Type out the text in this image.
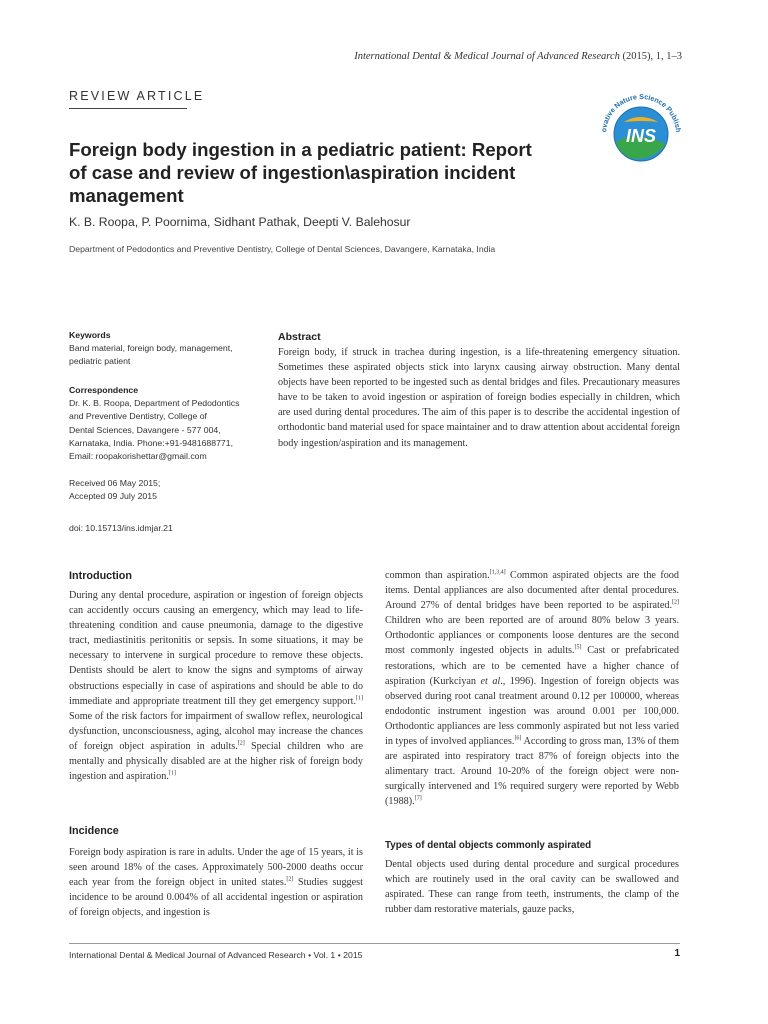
International Dental & Medical Journal of Advanced Research (2015), 1, 1–3
REVIEW ARTICLE
INS
ovative Nature Science Publish
Foreign body ingestion in a pediatric patient: Report of case and review of ingestion\aspiration incident management
K. B. Roopa, P. Poornima, Sidhant Pathak, Deepti V. Balehosur
Department of Pedodontics and Preventive Dentistry, College of Dental Sciences, Davangere, Karnataka, India
Keywords
Band material, foreign body, management,
pediatric patient
Correspondence
Dr. K. B. Roopa, Department of Pedodontics
and Preventive Dentistry, College of
Dental Sciences, Davangere - 577 004,
Karnataka, India. Phone:+91-9481688771,
Email: roopakorishettar@gmail.com
Received 06 May 2015;
Accepted 09 July 2015
doi: 10.15713/ins.idmjar.21
Abstract

Foreign body, if struck in trachea during ingestion, is a life-threatening emergency situation. Sometimes these aspirated objects stick into larynx causing airway obstruction. Many dental objects have been reported to be ingested such as dental bridges and files. Precautionary measures have to be taken to avoid ingestion or aspiration of foreign bodies especially in children, which are used during dental procedures. The aim of this paper is to describe the accidental ingestion of orthodontic band material used for space maintainer and to draw attention about accidental foreign body ingestion/aspiration and its management.

Introduction

During any dental procedure, aspiration or ingestion of foreign objects can accidently occurs causing an emergency, which may lead to life-threatening condition and cause pneumonia, damage to the digestive tract, mediastinitis peritonitis or sepsis. In some situations, it may be necessary to intervene in surgical procedure to remove these objects. Dentists should be alert to know the signs and symptoms of airway obstructions especially in case of aspirations and should be able to do immediate and appropriate treatment till they get emergency support.[1] Some of the risk factors for impairment of swallow reflex, neurological dysfunction, unconsciousness, aging, alcohol may increase the chances of foreign object aspiration in adults.[2] Special children who are mentally and physically disabled are at the higher risk of foreign body ingestion and aspiration.[1]

Incidence

Foreign body aspiration is rare in adults. Under the age of 15 years, it is seen around 18% of the cases. Approximately 500-2000 deaths occur each year from the foreign object in united states.[2] Studies suggest incidence to be around 0.004% of all accidental ingestion or aspiration of foreign objects, and ingestion is

common than aspiration.[1,3,4] Common aspirated objects are the food items. Dental appliances are also documented after dental procedures. Around 27% of dental bridges have been reported to be aspirated.[2] Children who are been reported are of around 80% below 3 years. Orthodontic appliances or components loose dentures are the second most commonly ingested objects in adults.[5] Cast or prefabricated restorations, which are to be cemented have a higher chance of aspiration (Kurkciyan et al., 1996). Ingestion of foreign objects was observed during root canal treatment around 0.12 per 100000, whereas endodontic instrument ingestion was around 0.001 per 100,000. Orthodontic appliances are less commonly aspirated but not less varied in types of involved appliances.[6] According to gross man, 13% of them are aspirated into respiratory tract 87% of foreign objects into the alimentary tract. Around 10-20% of the foreign object were non-surgically intervened and 1% required surgery were reported by Webb (1988).[7]

Types of dental objects commonly aspirated

Dental objects used during dental procedure and surgical procedures which are routinely used in the oral cavity can be swallowed and aspirated. These can range from teeth, instruments, the clamp of the rubber dam restorative materials, gauze packs,

International Dental & Medical Journal of Advanced Research • Vol. 1 • 2015	1
